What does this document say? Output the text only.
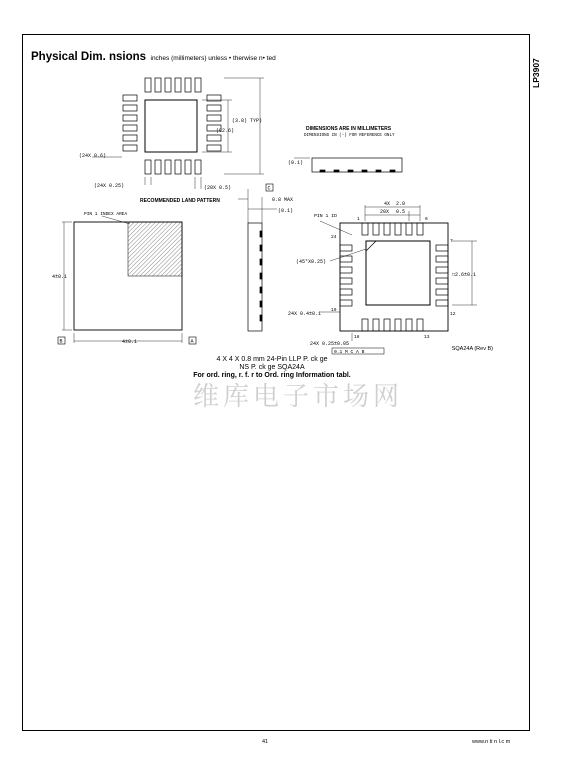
LP3907
Physical Dim. nsions inches (millimeters) unless • therwise n• ted
(3.8) TYP)
(C2.6)
(24X 0.6)
(24X 0.25)	(20X 0.5)
RECOMMENDED LAND PATTERN
DIMENSIONS ARE IN MILLIMETERS
DIMENSIONS IN (-) FOR REFERENCE ONLY
(0.1)
C
0.8 MAX
(0.1)
PIN 1 INDEX AREA
4±0.1
4±0.1
B	A
PIN 1 ID
4X 2.0
20X 0.5
(45°X0.25)
□2.6±0.1
24X 0.4±0.1
24X 0.25±0.05
0.1 M C A B
24
1	6
7
12
13
18
19
SQA24A (Rev B)
4 X 4 X 0.8 mm 24-Pin LLP P. ck ge
NS P. ck ge SQA24A
For ord. ring, r. f. r to Ord. ring Information tabl.
维库电子市场网
41	www.n ti n l.c m
